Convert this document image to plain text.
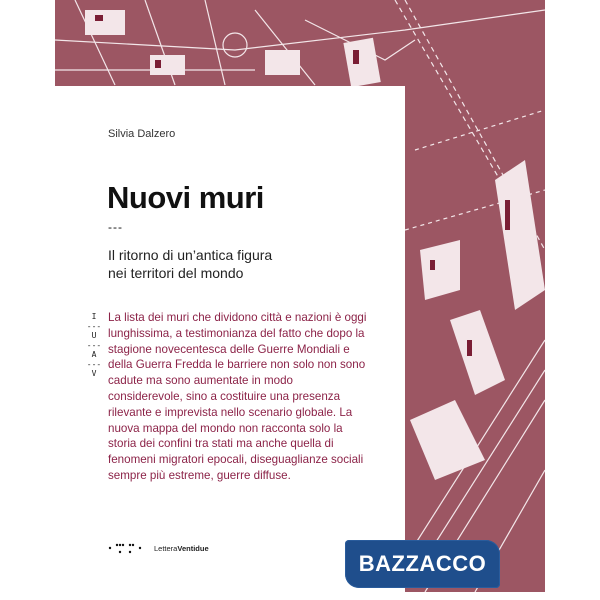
Silvia Dalzero
Nuovi muri
---
Il ritorno di un’antica figura
nei territori del mondo
I
---
U
---
A
---
V
La lista dei muri che dividono città e nazioni è oggi lunghissima, a testimonianza del fatto che dopo la stagione novecentesca delle Guerre Mondiali e della Guerra Fredda le barriere non solo non sono cadute ma sono aumentate in modo considerevole, sino a costituire una presenza rilevante e imprevista nello scenario globale. La nuova mappa del mondo non racconta solo la storia dei confini tra stati ma anche quella di fenomeni migratori epocali, diseguaglianze sociali sempre più estreme, guerre diffuse.
LetteraVentidue
BAZZACCO
